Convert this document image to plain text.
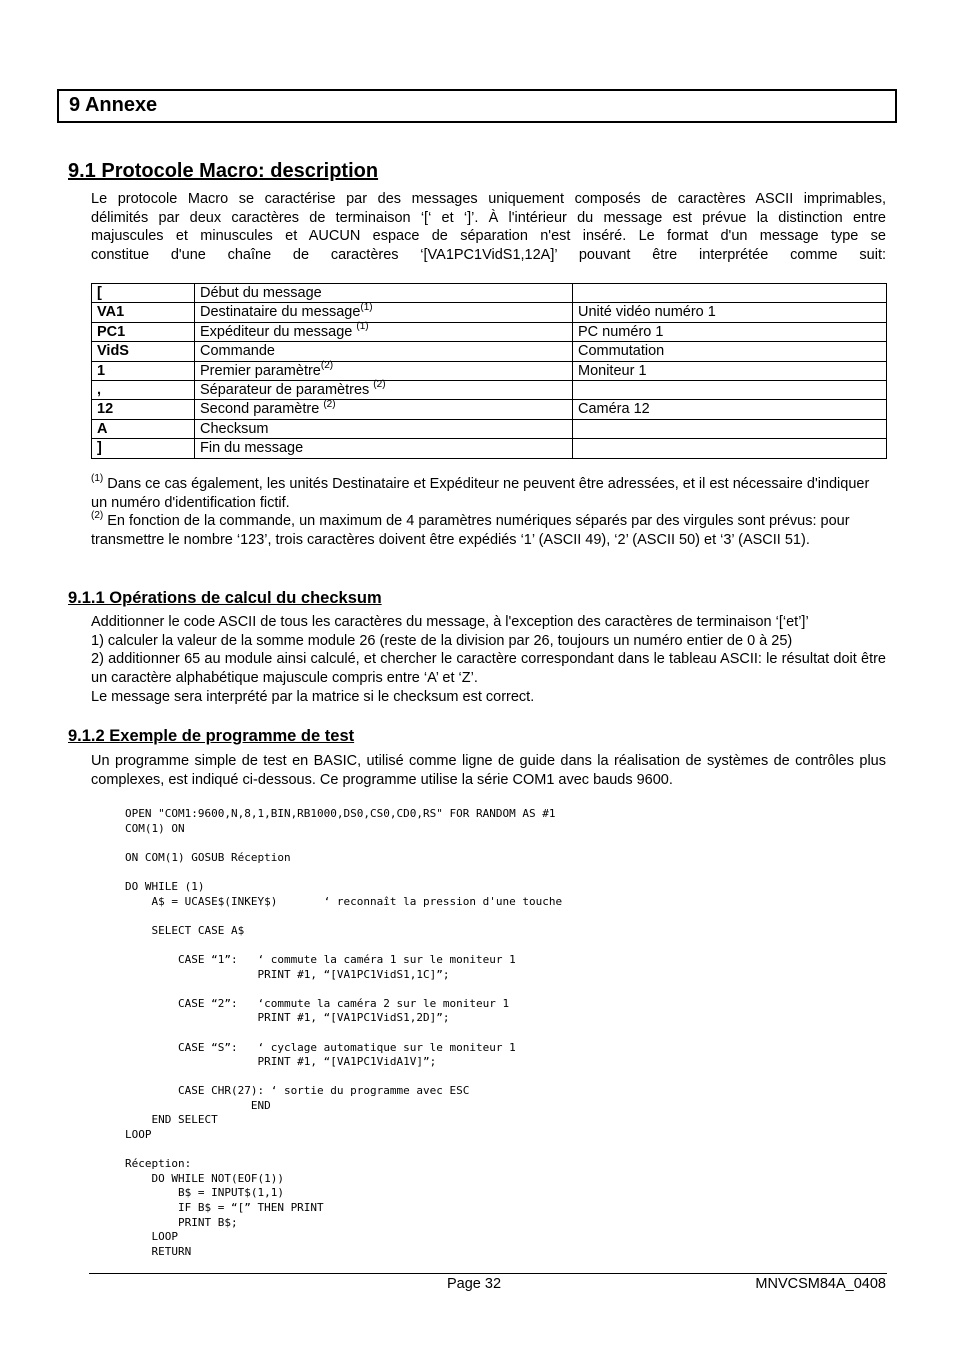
9 Annexe
9.1 Protocole Macro: description
Le protocole Macro se caractérise par des messages uniquement composés de caractères ASCII imprimables,
délimités par deux caractères de terminaison ‘[‘ et ‘]’. À l'intérieur du message est prévue la distinction entre
majuscules et minuscules et AUCUN espace de séparation n'est inséré. Le format d'un message type se
constitue d'une chaîne de caractères ‘[VA1PC1VidS1,12A]’ pouvant être interprétée comme suit:
[	Début du message	
VA1	Destinataire du message$^{(1)}$	Unité vidéo numéro 1
PC1	Expéditeur du message $^{(1)}$	PC numéro 1
VidS	Commande	Commutation
1	Premier paramètre$^{(2)}$	Moniteur 1
,	Séparateur de paramètres $^{(2)}$	
12	Second paramètre $^{(2)}$	Caméra 12
A	Checksum	
]	Fin du message	

$^{(1)}$ Dans ce cas également, les unités Destinataire et Expéditeur ne peuvent être adressées, et il est nécessaire d'indiquer un numéro d'identification fictif.

$^{(2)}$ En fonction de la commande, un maximum de 4 paramètres numériques séparés par des virgules sont prévus: pour transmettre le nombre ‘123’, trois caractères doivent être expédiés ‘1’ (ASCII 49), ‘2’ (ASCII 50) et ‘3’ (ASCII 51).

9.1.1 Opérations de calcul du checksum
Additionner le code ASCII de tous les caractères du message, à l'exception des caractères de terminaison ‘[‘et’]’
1) calculer la valeur de la somme module 26 (reste de la division par 26, toujours un numéro entier de 0 à 25)
2) additionner 65 au module ainsi calculé, et chercher le caractère correspondant dans le tableau ASCII: le résultat doit être un caractère alphabétique majuscule compris entre ‘A’ et ‘Z’.
Le message sera interprété par la matrice si le checksum est correct.
9.1.2 Exemple de programme de test

Un programme simple de test en BASIC, utilisé comme ligne de guide dans la réalisation de systèmes de contrôles plus complexes, est indiqué ci-dessous. Ce programme utilise la série COM1 avec bauds 9600.

OPEN "COM1:9600,N,8,1,BIN,RB1000,DS0,CS0,CD0,RS" FOR RANDOM AS #1
COM(1) ON

ON COM(1) GOSUB Réception

DO WHILE (1)
A$ = UCASE$(INKEY$)       ‘ reconnaît la pression d'une touche

SELECT CASE A$

CASE “1”:   ‘ commute la caméra 1 sur le moniteur 1
PRINT #1, “[VA1PC1VidS1,1C]”;

CASE “2”:   ‘commute la caméra 2 sur le moniteur 1
PRINT #1, “[VA1PC1VidS1,2D]”;

CASE “S”:   ‘ cyclage automatique sur le moniteur 1
PRINT #1, “[VA1PC1VidA1V]”;

CASE CHR(27): ‘ sortie du programme avec ESC
END
END SELECT
LOOP

Réception:
DO WHILE NOT(EOF(1))
B$ = INPUT$(1,1)
IF B$ = “[” THEN PRINT
PRINT B$;
LOOP
RETURN
Page 32	MNVCSM84A_0408
